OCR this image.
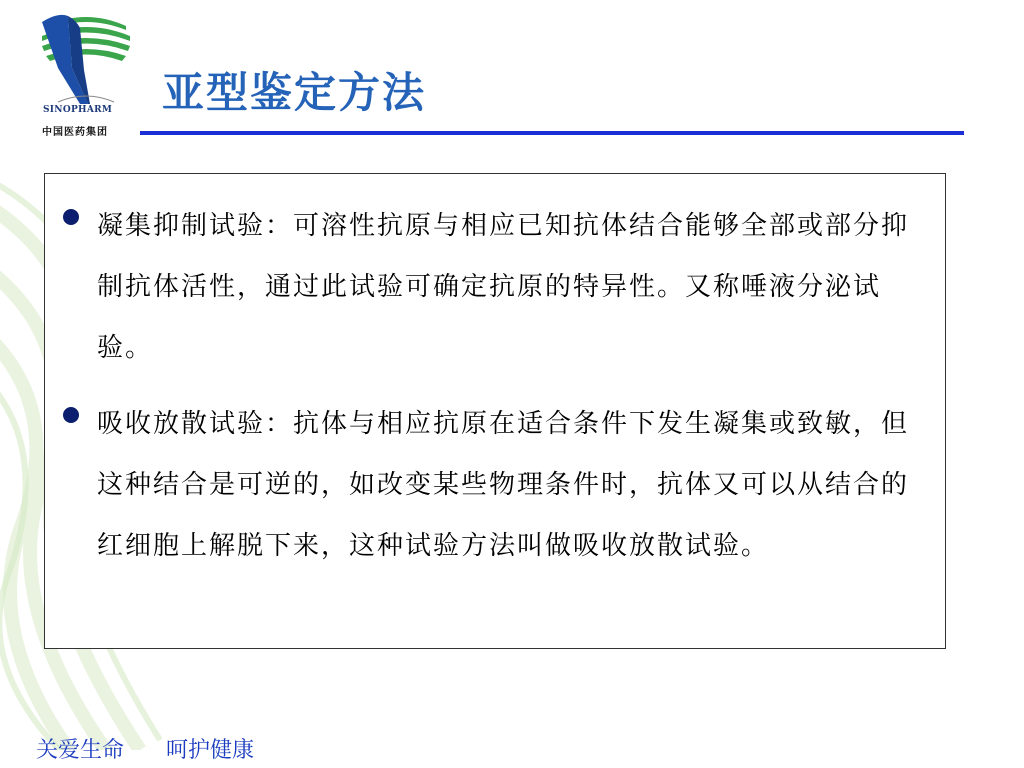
SINOPHARM
中国医药集团
亚型鉴定方法
凝集抑制试验：可溶性抗原与相应已知抗体结合能够全部或部分抑制抗体活性，通过此试验可确定抗原的特异性。又称唾液分泌试验。
吸收放散试验：抗体与相应抗原在适合条件下发生凝集或致敏，但这种结合是可逆的，如改变某些物理条件时，抗体又可以从结合的红细胞上解脱下来，这种试验方法叫做吸收放散试验。
关爱生命 呵护健康
